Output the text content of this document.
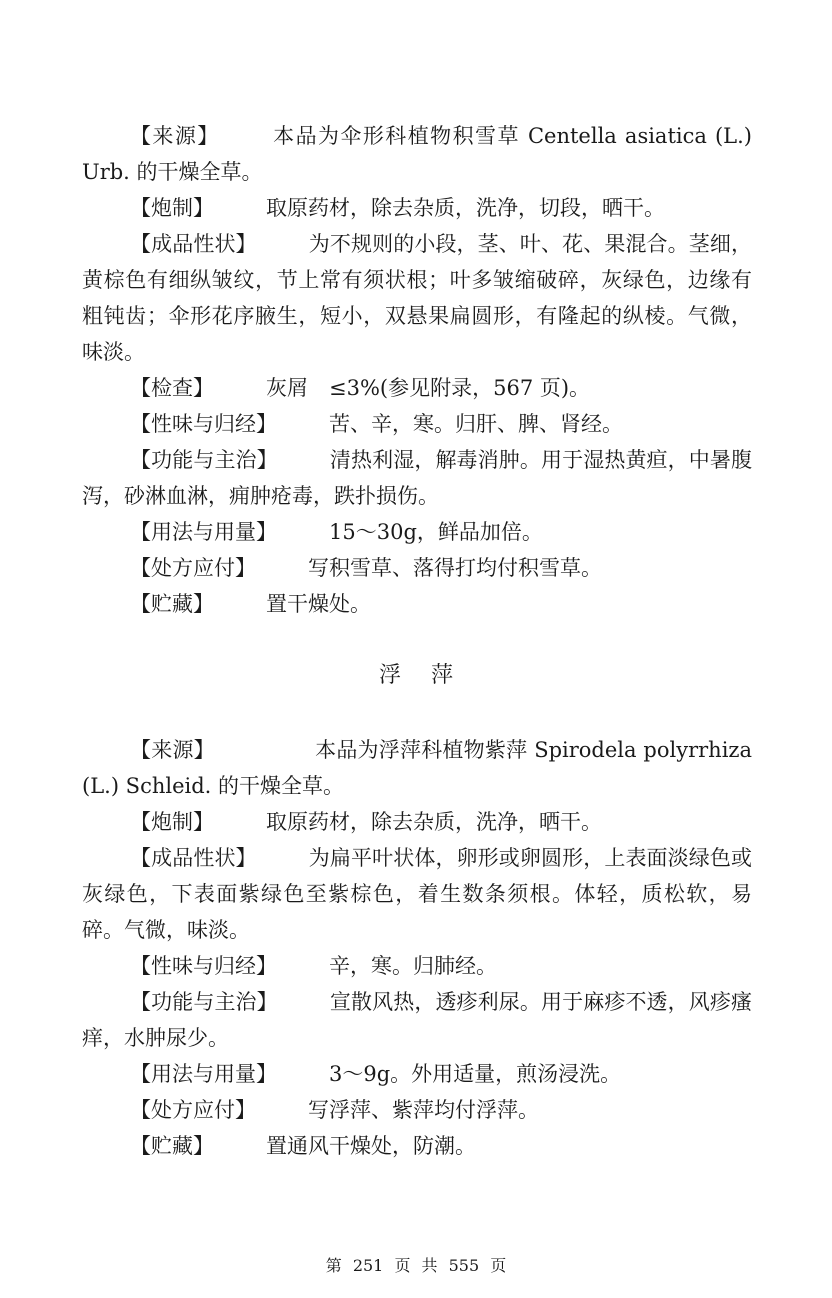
【来源】 本品为伞形科植物积雪草 Centella asiatica (L.) Urb. 的干燥全草。

【炮制】 取原药材，除去杂质，洗净，切段，晒干。

【成品性状】 为不规则的小段，茎、叶、花、果混合。茎细，黄棕色有细纵皱纹，节上常有须状根；叶多皱缩破碎，灰绿色，边缘有粗钝齿；伞形花序腋生，短小，双悬果扁圆形，有隆起的纵棱。气微，味淡。

【检查】 灰屑　≤3%(参见附录，567 页)。

【性味与归经】 苦、辛，寒。归肝、脾、肾经。

【功能与主治】 清热利湿，解毒消肿。用于湿热黄疸，中暑腹泻，砂淋血淋，痈肿疮毒，跌扑损伤。

【用法与用量】 15～30g，鲜品加倍。

【处方应付】 写积雪草、落得打均付积雪草。

【贮藏】 置干燥处。

浮萍

【来源】	本品为浮萍科植物紫萍 Spirodela polyrrhiza (L.) Schleid. 的干燥全草。

【炮制】 取原药材，除去杂质，洗净，晒干。

【成品性状】 为扁平叶状体，卵形或卵圆形，上表面淡绿色或灰绿色，下表面紫绿色至紫棕色，着生数条须根。体轻，质松软，易碎。气微，味淡。

【性味与归经】 辛，寒。归肺经。

【功能与主治】 宣散风热，透疹利尿。用于麻疹不透，风疹瘙痒，水肿尿少。

【用法与用量】 3～9g。外用适量，煎汤浸洗。

【处方应付】 写浮萍、紫萍均付浮萍。

【贮藏】 置通风干燥处，防潮。

第 251 页 共 555 页
